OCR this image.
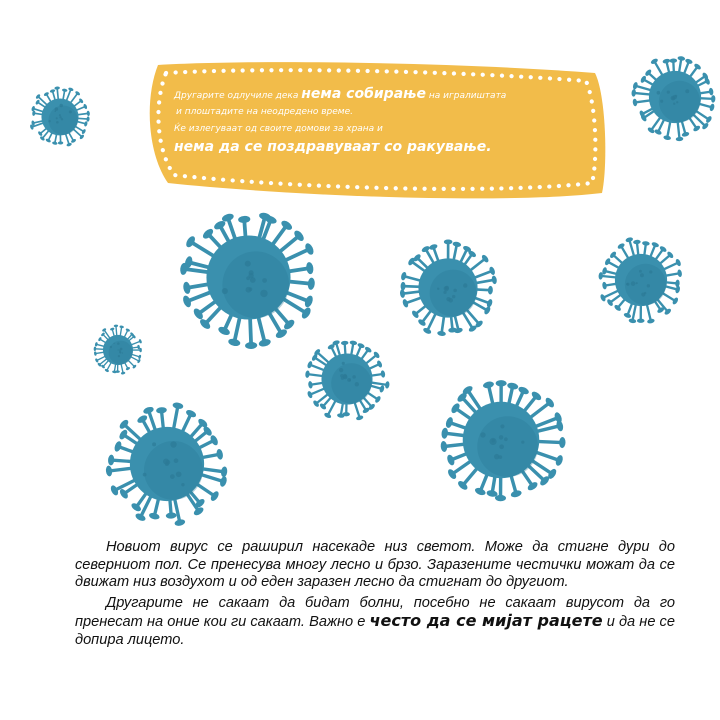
Другарите одлучиле дека нема собирање на игралиштата
и плоштадите на неодредено време.
Ќе излегуваат од своите домови за храна и
нема да се поздравуваат со ракување.

Новиот вирус се раширил насекаде низ светот. Може да стигне дури до северниот пол. Се пренесува многу лесно и брзо. Заразените честички можат да се движат низ воздухот и од еден заразен лесно да стигнат до другиот.

Другарите не сакаат да бидат болни, посебно не сакаат вирусот да го пренесат на оние кои ги сакаат. Важно е често да се мијат рацете и да не се допира лицето.
